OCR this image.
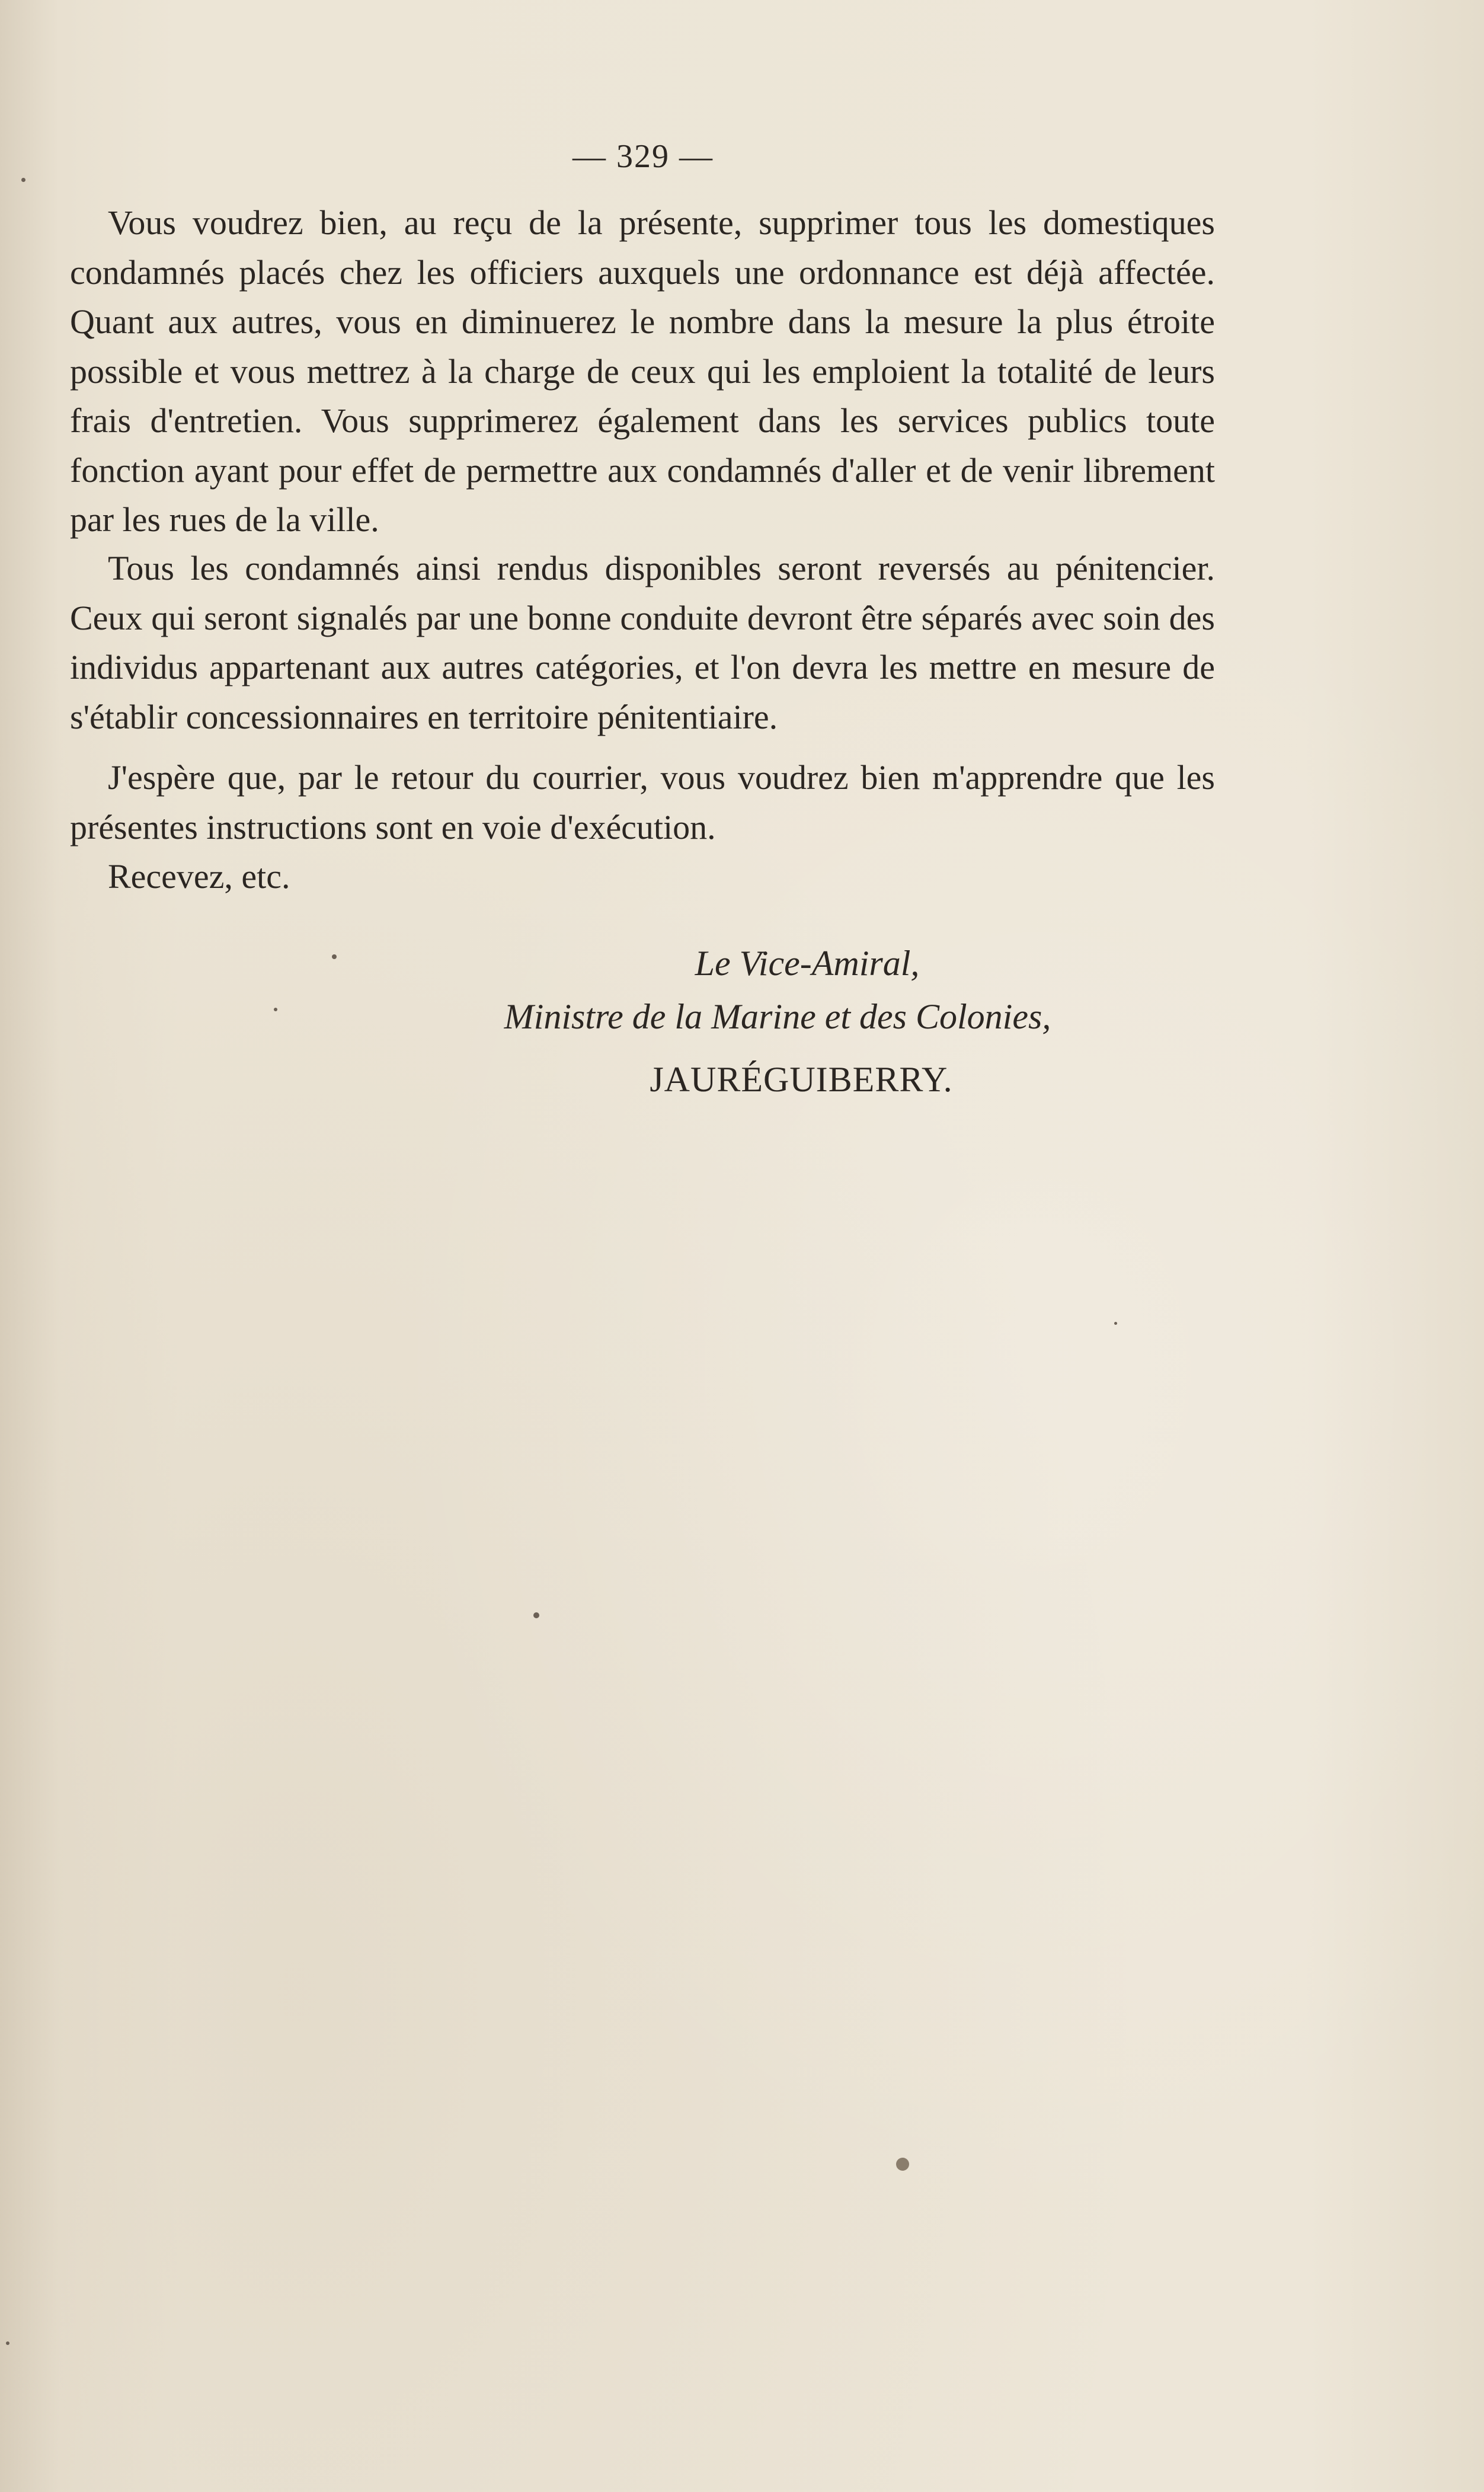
— 329 —

Vous voudrez bien, au reçu de la présente, supprimer tous les domestiques condamnés placés chez les officiers auxquels une ordonnance est déjà affectée. Quant aux autres, vous en diminuerez le nombre dans la mesure la plus étroite possible et vous mettrez à la charge de ceux qui les emploient la totalité de leurs frais d'entretien. Vous supprimerez également dans les services publics toute fonction ayant pour effet de permettre aux condamnés d'aller et de venir librement par les rues de la ville.

Tous les condamnés ainsi rendus disponibles seront reversés au pénitencier. Ceux qui seront signalés par une bonne conduite devront être séparés avec soin des individus appartenant aux autres catégories, et l'on devra les mettre en mesure de s'établir concessionnaires en territoire pénitentiaire.

J'espère que, par le retour du courrier, vous voudrez bien m'apprendre que les présentes instructions sont en voie d'exécution.

Recevez, etc.

Le Vice-Amiral,

Ministre de la Marine et des Colonies,

JAURÉGUIBERRY.
